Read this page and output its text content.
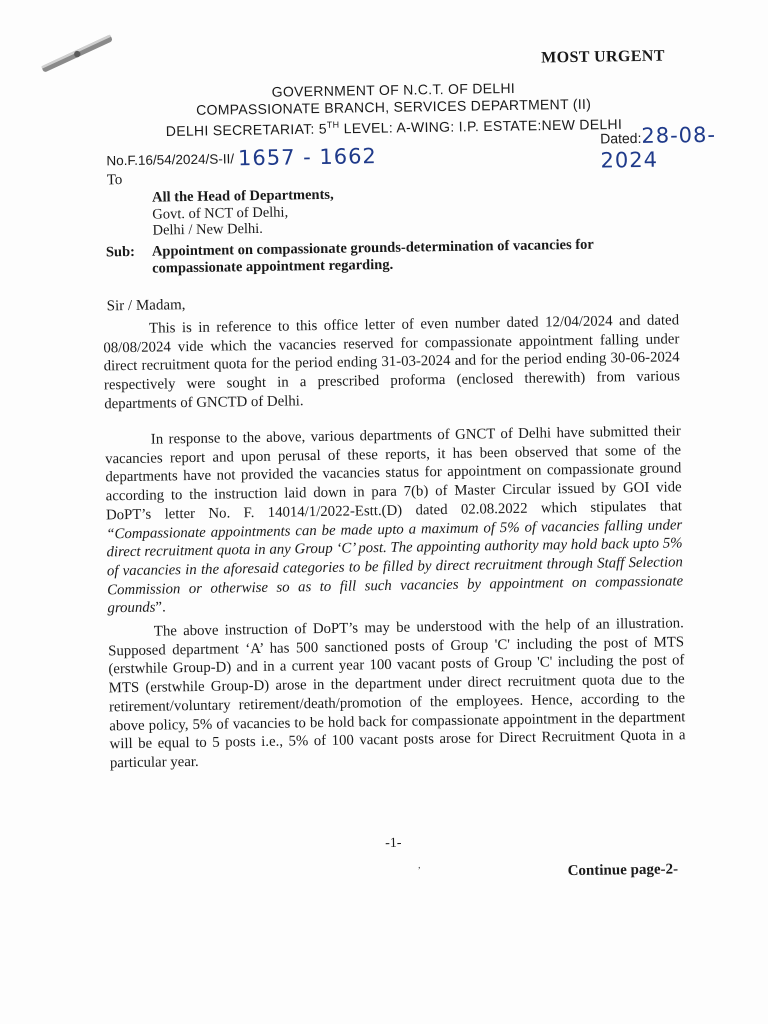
MOST URGENT
GOVERNMENT OF N.C.T. OF DELHI
COMPASSIONATE BRANCH, SERVICES DEPARTMENT (II)
DELHI SECRETARIAT: 5TH LEVEL: A-WING: I.P. ESTATE:NEW DELHI
No.F.16/54/2024/S-II/ 1657 - 1662
Dated:28-08-2024
To
All the Head of Departments,
Govt. of NCT of Delhi,
Delhi / New Delhi.
Sub:	Appointment on compassionate grounds-determination of vacancies for compassionate appointment regarding.
Sir / Madam,

This is in reference to this office letter of even number dated 12/04/2024 and dated 08/08/2024 vide which the vacancies reserved for compassionate appointment falling under direct recruitment quota for the period ending 31-03-2024 and for the period ending 30-06-2024 respectively were sought in a prescribed proforma (enclosed therewith) from various departments of GNCTD of Delhi.

In response to the above, various departments of GNCT of Delhi have submitted their vacancies report and upon perusal of these reports, it has been observed that some of the departments have not provided the vacancies status for appointment on compassionate ground according to the instruction laid down in para 7(b) of Master Circular issued by GOI vide DoPT’s letter No. F. 14014/1/2022-Estt.(D) dated 02.08.2022 which stipulates that “Compassionate appointments can be made upto a maximum of 5% of vacancies falling under direct recruitment quota in any Group ‘C’ post. The appointing authority may hold back upto 5% of vacancies in the aforesaid categories to be filled by direct recruitment through Staff Selection Commission or otherwise so as to fill such vacancies by appointment on compassionate grounds”.

The above instruction of DoPT’s may be understood with the help of an illustration. Supposed department ‘A’ has 500 sanctioned posts of Group 'C' including the post of MTS (erstwhile Group-D) and in a current year 100 vacant posts of Group 'C' including the post of MTS (erstwhile Group-D) arose in the department under direct recruitment quota due to the retirement/voluntary retirement/death/promotion of the employees. Hence, according to the above policy, 5% of vacancies to be hold back for compassionate appointment in the department will be equal to 5 posts i.e., 5% of 100 vacant posts arose for Direct Recruitment Quota in a particular year.

-1-
ʼ	Continue page-2-
